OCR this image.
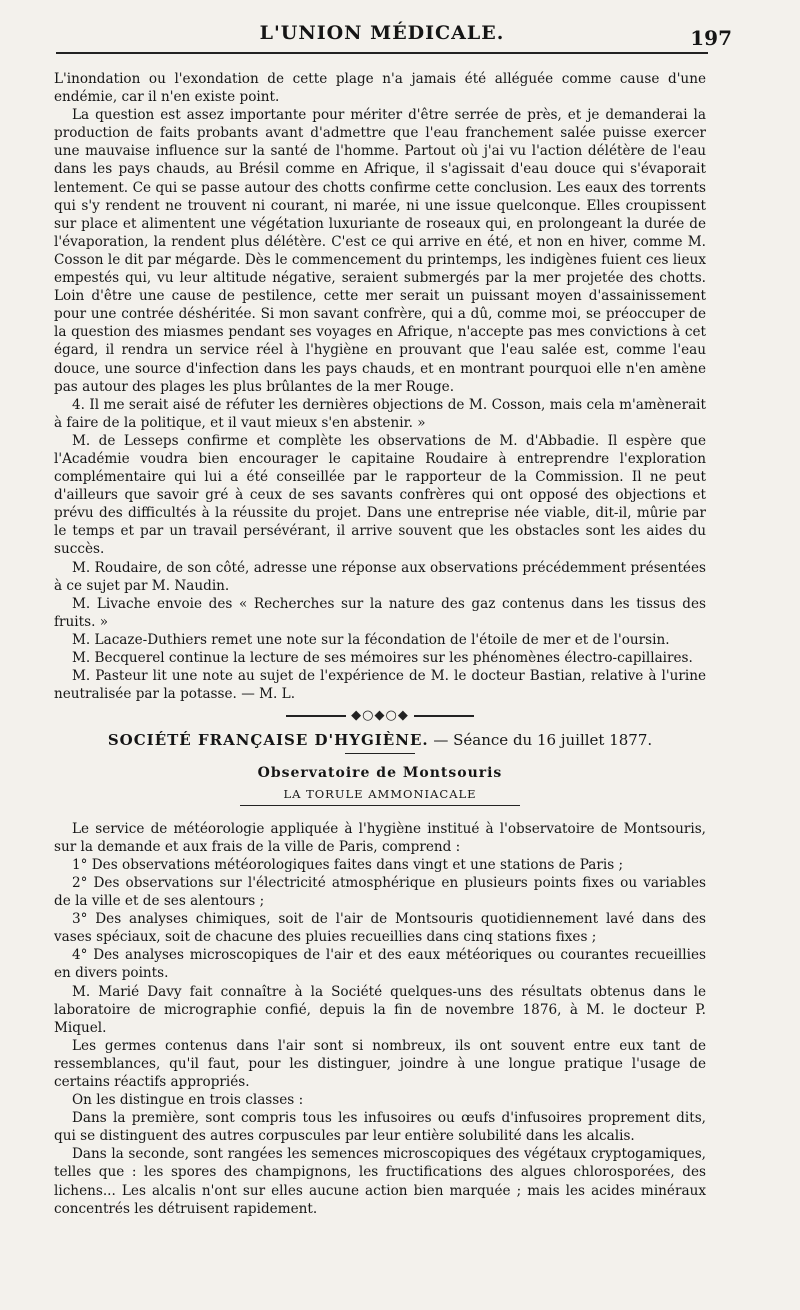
L'UNION MÉDICALE.	197

L'inondation ou l'exondation de cette plage n'a jamais été alléguée comme cause d'une endémie, car il n'en existe point.

La question est assez importante pour mériter d'être serrée de près, et je demanderai la production de faits probants avant d'admettre que l'eau franchement salée puisse exercer une mauvaise influence sur la santé de l'homme. Partout où j'ai vu l'action délétère de l'eau dans les pays chauds, au Brésil comme en Afrique, il s'agissait d'eau douce qui s'évaporait lentement. Ce qui se passe autour des chotts confirme cette conclusion. Les eaux des torrents qui s'y rendent ne trouvent ni courant, ni marée, ni une issue quelconque. Elles croupissent sur place et alimentent une végétation luxuriante de roseaux qui, en prolongeant la durée de l'évaporation, la rendent plus délétère. C'est ce qui arrive en été, et non en hiver, comme M. Cosson le dit par mégarde. Dès le commencement du printemps, les indigènes fuient ces lieux empestés qui, vu leur altitude négative, seraient submergés par la mer projetée des chotts. Loin d'être une cause de pestilence, cette mer serait un puissant moyen d'assainissement pour une contrée déshéritée. Si mon savant confrère, qui a dû, comme moi, se préoccuper de la question des miasmes pendant ses voyages en Afrique, n'accepte pas mes convictions à cet égard, il rendra un service réel à l'hygiène en prouvant que l'eau salée est, comme l'eau douce, une source d'infection dans les pays chauds, et en montrant pourquoi elle n'en amène pas autour des plages les plus brûlantes de la mer Rouge.

4. Il me serait aisé de réfuter les dernières objections de M. Cosson, mais cela m'amènerait à faire de la politique, et il vaut mieux s'en abstenir. »

M. de Lesseps confirme et complète les observations de M. d'Abbadie. Il espère que l'Académie voudra bien encourager le capitaine Roudaire à entreprendre l'exploration complémentaire qui lui a été conseillée par le rapporteur de la Commission. Il ne peut d'ailleurs que savoir gré à ceux de ses savants confrères qui ont opposé des objections et prévu des difficultés à la réussite du projet. Dans une entreprise née viable, dit-il, mûrie par le temps et par un travail persévérant, il arrive souvent que les obstacles sont les aides du succès.

M. Roudaire, de son côté, adresse une réponse aux observations précédemment présentées à ce sujet par M. Naudin.

M. Livache envoie des « Recherches sur la nature des gaz contenus dans les tissus des fruits. »

M. Lacaze-Duthiers remet une note sur la fécondation de l'étoile de mer et de l'oursin.

M. Becquerel continue la lecture de ses mémoires sur les phénomènes électro-capillaires.

M. Pasteur lit une note au sujet de l'expérience de M. le docteur Bastian, relative à l'urine neutralisée par la potasse. — M. L.

◆○◆○◆
SOCIÉTÉ FRANÇAISE D'HYGIÈNE. — Séance du 16 juillet 1877.
Observatoire de Montsouris
LA TORULE AMMONIACALE

Le service de météorologie appliquée à l'hygiène institué à l'observatoire de Montsouris, sur la demande et aux frais de la ville de Paris, comprend :

1° Des observations météorologiques faites dans vingt et une stations de Paris ;

2° Des observations sur l'électricité atmosphérique en plusieurs points fixes ou variables de la ville et de ses alentours ;

3° Des analyses chimiques, soit de l'air de Montsouris quotidiennement lavé dans des vases spéciaux, soit de chacune des pluies recueillies dans cinq stations fixes ;

4° Des analyses microscopiques de l'air et des eaux météoriques ou courantes recueillies en divers points.

M. Marié Davy fait connaître à la Société quelques-uns des résultats obtenus dans le laboratoire de micrographie confié, depuis la fin de novembre 1876, à M. le docteur P. Miquel.

Les germes contenus dans l'air sont si nombreux, ils ont souvent entre eux tant de ressemblances, qu'il faut, pour les distinguer, joindre à une longue pratique l'usage de certains réactifs appropriés.

On les distingue en trois classes :

Dans la première, sont compris tous les infusoires ou œufs d'infusoires proprement dits, qui se distinguent des autres corpuscules par leur entière solubilité dans les alcalis.

Dans la seconde, sont rangées les semences microscopiques des végétaux cryptogamiques, telles que : les spores des champignons, les fructifications des algues chlorosporées, des lichens... Les alcalis n'ont sur elles aucune action bien marquée ; mais les acides minéraux concentrés les détruisent rapidement.
